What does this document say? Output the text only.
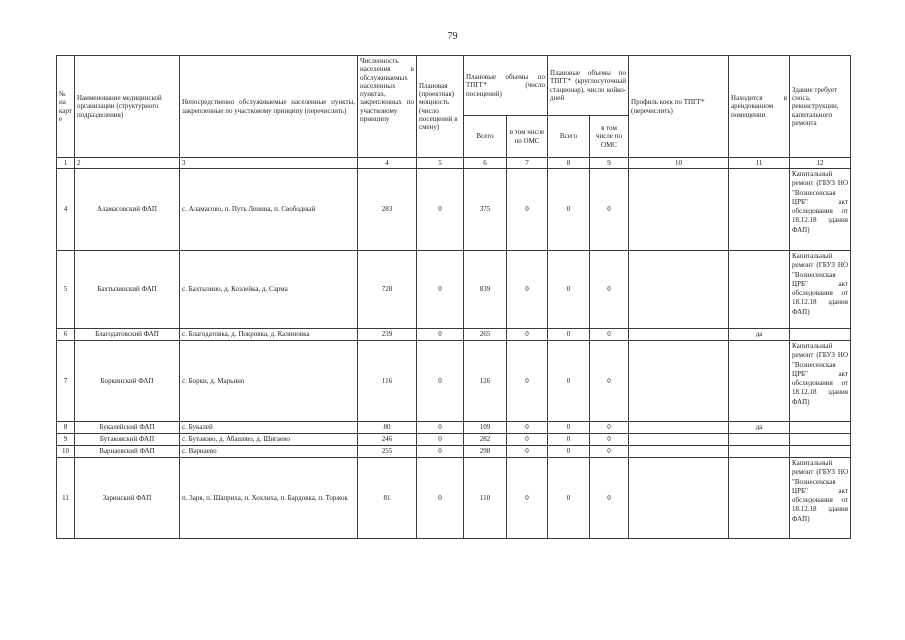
79
№ на карте	Наименование медицинской организации (структурного подразделения)	Непосредственно обслуживаемые населенные пункты, закрепленные по участковому принципу (перечислить)	Численность населения в обслуживаемых населенных пунктах, закрепленных по участковому принципу	Плановая (проектная) мощность (число посещений в смену)	Плановые объемы по ТПГГ* (число посещений)		Плановые объемы по ТПГГ* (круглосуточный стационар), число койко-дней		Профиль коек по ТПГГ* (перечислить)	Находится в арендованном помещении	Здание требует сноса, реконструкции, капитального ремонта
					Всего	в том числе по ОМС	Всего	в том числе по ОМС			
1	2	3	4	5	6	7	8	9	10	11	12
4	Аламасовский ФАП	с. Аламасово, п. Путь Ленина, п. Свободный	283	0	375	0	0	0			Капитальный ремонт (ГБУЗ НО "Вознесенская ЦРБ" акт обследования от 18.12.18 здания ФАП)
5	Бахтызинский ФАП	с. Бахтызино, д. Козлейка, д. Сарма	728	0	839	0	0	0			Капитальный ремонт (ГБУЗ НО "Вознесенская ЦРБ" акт обследования от 18.12.18 здания ФАП)
6	Благодатовский ФАП	с. Благодатовка, д. Покровка, д. Калиновка	239	0	265	0	0	0		да	
7	Боркинский ФАП	с. Борки, д. Марьино	116	0	126	0	0	0			Капитальный ремонт (ГБУЗ НО "Вознесенская ЦРБ" акт обследования от 18.12.18 здания ФАП)
8	Букалейский ФАП	с. Букалей	80	0	109	0	0	0		да	
9	Бутаковский ФАП	с. Бутаково, д. Абашево, д. Шигаево	246	0	282	0	0	0			
10	Варнаевский ФАП	с. Варнаево	255	0	298	0	0	0			
11	Заринский ФАП	п. Заря, п. Шаприха, п. Хохлиха, п. Бардовка, п. Торжок	81	0	110	0	0	0			Капитальный ремонт (ГБУЗ НО "Вознесенская ЦРБ" акт обследования от 18.12.18 здания ФАП)
